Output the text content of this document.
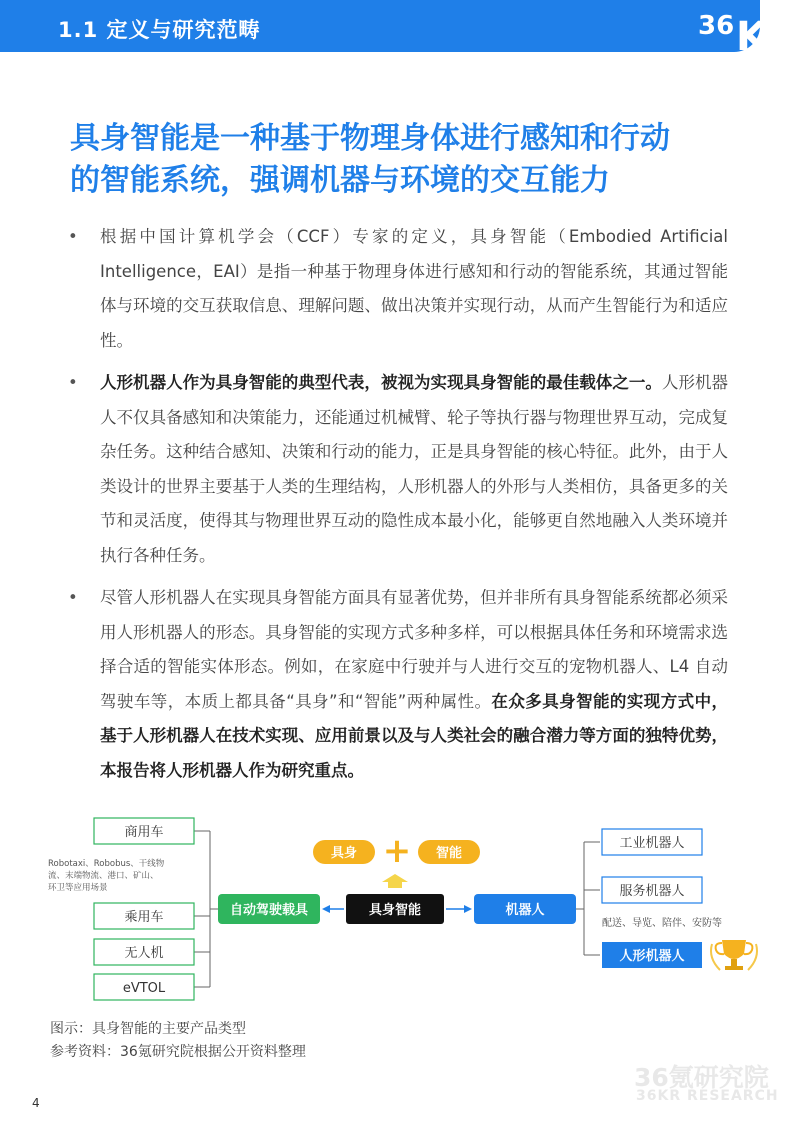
1.1 定义与研究范畴	36 Kr
具身智能是一种基于物理身体进行感知和行动
的智能系统，强调机器与环境的交互能力
• 根据中国计算机学会（CCF）专家的定义，具身智能（Embodied Artificial Intelligence，EAI）是指一种基于物理身体进行感知和行动的智能系统，其通过智能体与环境的交互获取信息、理解问题、做出决策并实现行动，从而产生智能行为和适应性。
• 人形机器人作为具身智能的典型代表，被视为实现具身智能的最佳载体之一。人形机器人不仅具备感知和决策能力，还能通过机械臂、轮子等执行器与物理世界互动，完成复杂任务。这种结合感知、决策和行动的能力，正是具身智能的核心特征。此外，由于人类设计的世界主要基于人类的生理结构，人形机器人的外形与人类相仿，具备更多的关节和灵活度，使得其与物理世界互动的隐性成本最小化，能够更自然地融入人类环境并执行各种任务。
• 尽管人形机器人在实现具身智能方面具有显著优势，但并非所有具身智能系统都必须采用人形机器人的形态。具身智能的实现方式多种多样，可以根据具体任务和环境需求选择合适的智能实体形态。例如，在家庭中行驶并与人进行交互的宠物机器人、L4 自动驾驶车等，本质上都具备“具身”和“智能”两种属性。在众多具身智能的实现方式中，基于人形机器人在技术实现、应用前景以及与人类社会的融合潜力等方面的独特优势，本报告将人形机器人作为研究重点。
商用车
Robotaxi、Robobus、干线物
流、末端物流、港口、矿山、
环卫等应用场景
乘用车
无人机
eVTOL
自动驾驶载具	具身智能
具身 + 智能
机器人
工业机器人
服务机器人
配送、导览、陪伴、安防等
人形机器人
图示：具身智能的主要产品类型
参考资料：36氪研究院根据公开资料整理
36氪研究院
36KR RESEARCH
4
